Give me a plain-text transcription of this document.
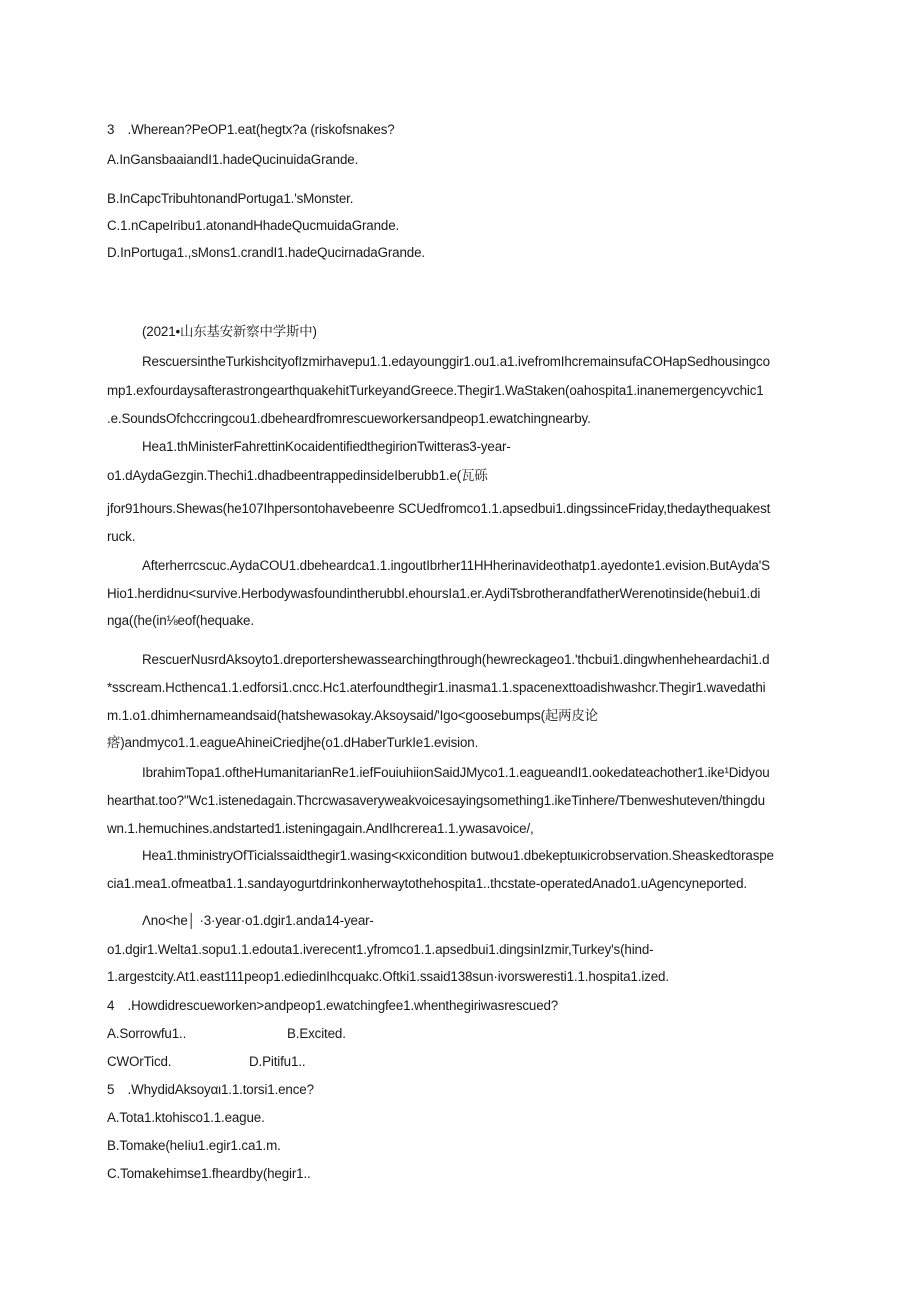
3 .Wherean?PeOP1.eat(hegtx?a (riskofsnakes?
A.InGansbaaiandI1.hadeQucinuidaGrande.
B.InCapcTribuhtonandPortuga1.'sMonster.
C.1.nCapeIribu1.atonandHhadeQucmuidaGrande.
D.InPortuga1.,sMons1.crandI1.hadeQucirnadaGrande.
(2021•山东基安新察中学斯中)
RescuersintheTurkishcityofIzmirhavepu1.1.edayounggir1.ou1.a1.ivefromIhcremainsufaCOHapSedhousingco
mp1.exfourdaysafterastrongearthquakehitTurkeyandGreece.Thegir1.WaStaken(oahospita1.inanemergencyvchic1
.e.SoundsOfchccringcou1.dbeheardfromrescueworkersandpeop1.ewatchingnearby.
Hea1.thMinisterFahrettinKocaidentifiedthegirionTwitteras3-year-
o1.dAydaGezgin.Thechi1.dhadbeentrappedinsideIberubb1.e(瓦砾
jfor91hours.Shewas(he107Ihpersontohavebeenre SCUedfromco1.1.apsedbui1.dingssinceFriday,thedaythequakest
ruck.
Afterherrcscuc.AydaCOU1.dbeheardca1.1.ingoutIbrher11HHherinavideothatp1.ayedonte1.evision.ButAyda'S
Hio1.herdidnu<survive.HerbodywasfoundintherubbI.ehoursIa1.er.AydiTsbrotherandfatherWerenotinside(hebui1.di
nga((he(in⅛eof(hequake.
RescuerNusrdAksoyto1.dreportershewassearchingthrough(hewreckageo1.'thcbui1.dingwhenheheardachi1.d
*sscream.Hcthenca1.1.edforsi1.cncc.Hc1.aterfoundthegir1.inasma1.1.spacenexttoadishwashcr.Thegir1.wavedathi
m.1.o1.dhimhernameandsaid(hatshewasokay.Aksoysaid/'Igo<goosebumps(起两皮论
瘩)andmyco1.1.eagueAhineiCriedjhe(o1.dHaberTurkIe1.evision.
IbrahimTopa1.oftheHumanitarianRe1.iefFouiuhiionSaidJMyco1.1.eagueandI1.ookedateachother1.ike¹Didyou
hearthat.too?"Wc1.istenedagain.Thcrcwasaveryweakvoicesayingsomething1.ikeTinhere/Tbenweshuteven/thingdu
wn.1.hemuchines.andstarted1.isteningagain.AndIhcrerea1.1.ywasavoice/,
Hea1.thministryOfTicialssaidthegir1.wasing<κxicondition butwou1.dbekeptuικicrobservation.Sheaskedtoraspe
cia1.mea1.ofmeatba1.1.sandayogurtdrinkonherwaytothehospita1..thcstate-operatedAnado1.uAgencyneported.
Λno<he│ ·3·year·o1.dgir1.anda14-year-
o1.dgir1.Welta1.sopu1.1.edouta1.iverecent1.yfromco1.1.apsedbui1.dingsinIzmir,Turkey's(hind-
1.argestcity.At1.east111peop1.ediedinIhcquakc.Oftki1.ssaid138sun·ivorsweresti1.1.hospita1.ized.
4 .Howdidrescueworken>andpeop1.ewatchingfee1.whenthegiriwasrescued?
A.Sorrowfu1..	B.Excited.
CWOrTicd.	D.Pitifu1..
5 .WhydidAksoyαι1.1.torsi1.ence?
A.Tota1.ktohisco1.1.eague.
B.Tomake(heIiu1.egir1.ca1.m.
C.Tomakehimse1.fheardby(hegir1..
